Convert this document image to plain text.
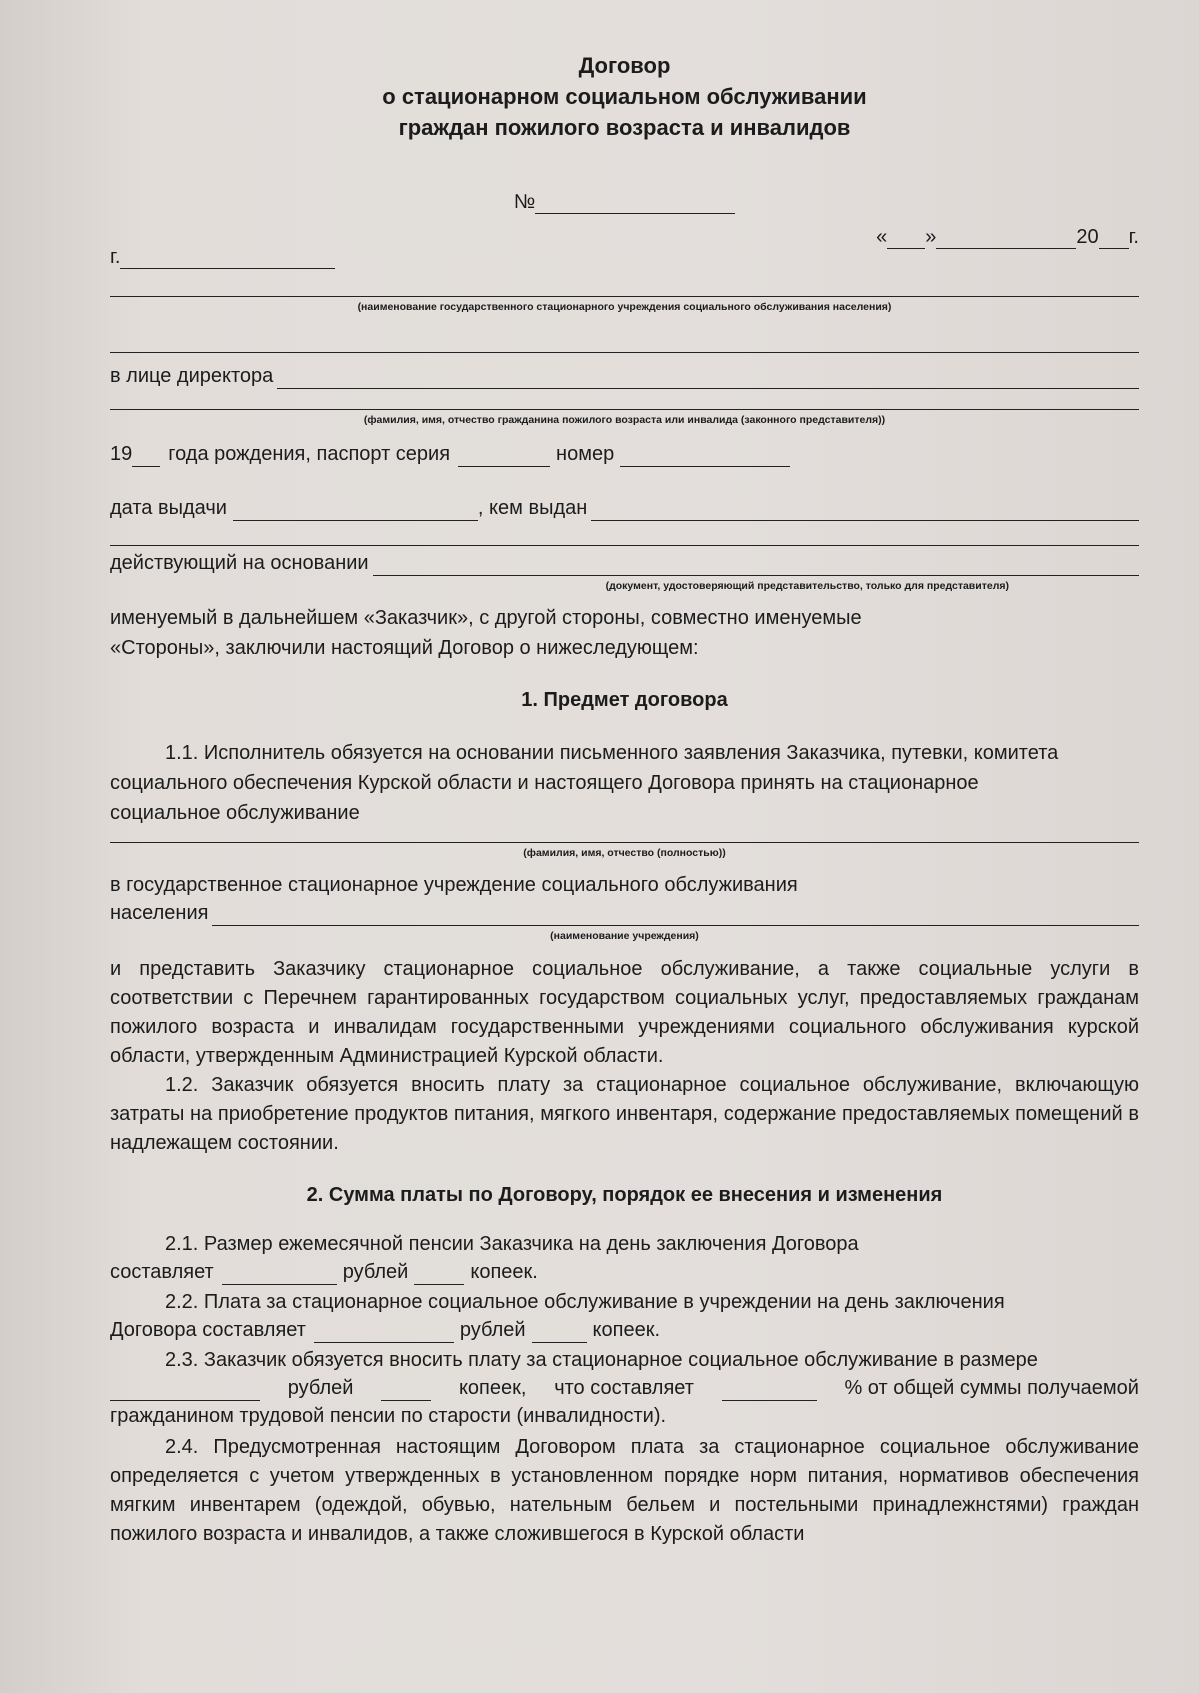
Договор

о стационарном социальном обслуживании

граждан пожилого возраста и инвалидов

№
г.
« »	20 г.
(наименование государственного стационарного учреждения социального обслуживания населения)
в лице директора
(фамилия, имя, отчество гражданина пожилого возраста или инвалида (законного представителя))
19 года рождения, паспорт серия	номер
дата выдачи	, кем выдан
действующий на основании
(документ, удостоверяющий представительство, только для представителя)

именуемый в дальнейшем «Заказчик», с другой стороны, совместно именуемые

«Стороны», заключили настоящий Договор о нижеследующем:

1. Предмет договора

1.1. Исполнитель обязуется на основании письменного заявления Заказчика, путевки, комитета

социального обеспечения Курской области и настоящего Договора принять на стационарное

социальное обслуживание

(фамилия, имя, отчество (полностью))

в государственное стационарное учреждение социального обслуживания

населения
(наименование учреждения)

и представить Заказчику стационарное социальное обслуживание, а также социальные услуги в соответствии с Перечнем гарантированных государством социальных услуг, предоставляемых гражданам пожилого возраста и инвалидам государственными учреждениями социального обслуживания курской области, утвержденным Администрацией Курской области.

1.2. Заказчик обязуется вносить плату за стационарное социальное обслуживание, включающую затраты на приобретение продуктов питания, мягкого инвентаря, содержание предоставляемых помещений в надлежащем состоянии.

2. Сумма платы по Договору, порядок ее внесения и изменения

2.1. Размер ежемесячной пенсии Заказчика на день заключения Договора

составляет	рублей	копеек.

2.2. Плата за стационарное социальное обслуживание в учреждении на день заключения

Договора составляет	рублей	копеек.

2.3. Заказчик обязуется вносить плату за стационарное социальное обслуживание в размере

рублей	копеек, что составляет	% от общей суммы получаемой

гражданином трудовой пенсии по старости (инвалидности).

2.4. Предусмотренная настоящим Договором плата за стационарное социальное обслуживание определяется с учетом утвержденных в установленном порядке норм питания, нормативов обеспечения мягким инвентарем (одеждой, обувью, нательным бельем и постельными принадлежнстями) граждан пожилого возраста и инвалидов, а также сложившегося в Курской области
